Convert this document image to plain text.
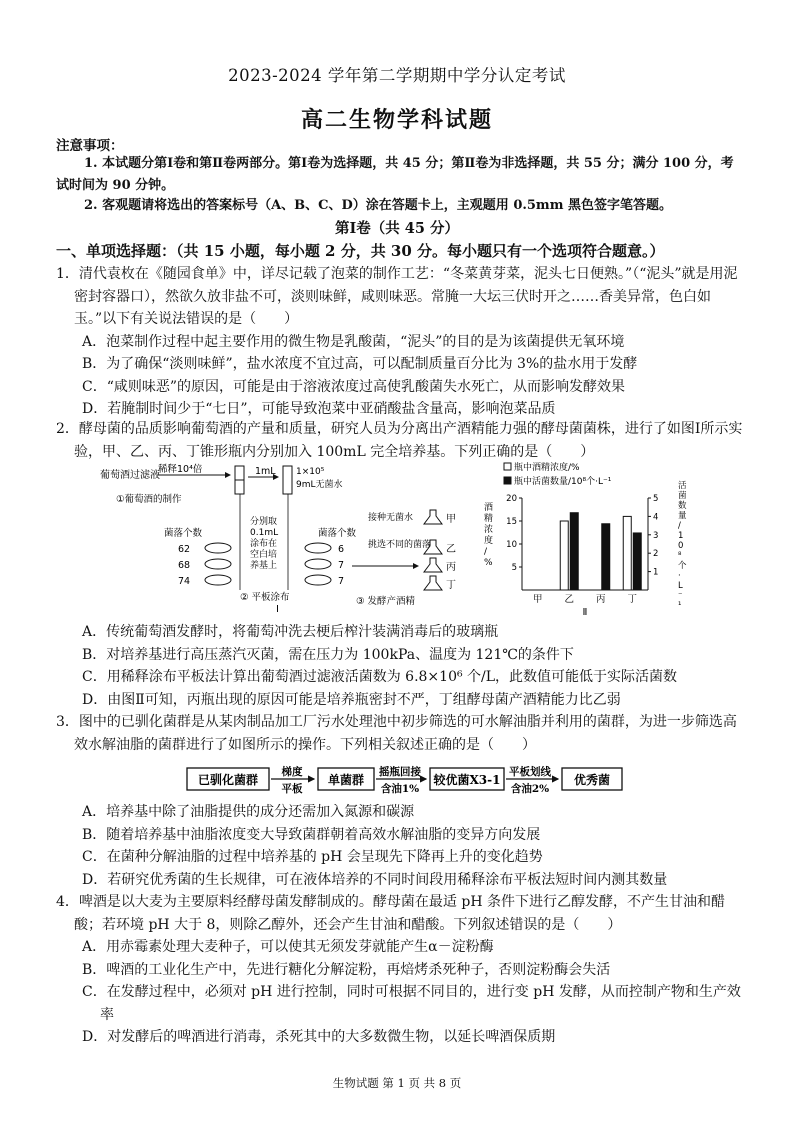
2023-2024 学年第二学期期中学分认定考试
高二生物学科试题
注意事项：
1. 本试题分第Ⅰ卷和第Ⅱ卷两部分。第Ⅰ卷为选择题，共 45 分；第Ⅱ卷为非选择题，共 55 分；满分 100 分，考试时间为 90 分钟。
2. 客观题请将选出的答案标号（A、B、C、D）涂在答题卡上，主观题用 0.5mm 黑色签字笔答题。
第Ⅰ卷（共 45 分）
一、单项选择题：（共 15 小题，每小题 2 分，共 30 分。每小题只有一个选项符合题意。）
1．清代袁枚在《随园食单》中，详尽记载了泡菜的制作工艺：“冬菜黄芽菜，泥头七日便熟。”（“泥头”就是用泥密封容器口），然欲久放非盐不可，淡则味鲜，咸则味恶。常腌一大坛三伏时开之……香美异常，色白如玉。”以下有关说法错误的是（　　）
A．泡菜制作过程中起主要作用的微生物是乳酸菌，“泥头”的目的是为该菌提供无氧环境
B．为了确保“淡则味鲜”，盐水浓度不宜过高，可以配制质量百分比为 3%的盐水用于发酵
C．“咸则味恶”的原因，可能是由于溶液浓度过高使乳酸菌失水死亡，从而影响发酵效果
D．若腌制时间少于“七日”，可能导致泡菜中亚硝酸盐含量高，影响泡菜品质
2．酵母菌的品质影响葡萄酒的产量和质量，研究人员为分离出产酒精能力强的酵母菌菌株，进行了如图Ⅰ所示实验，甲、乙、丙、丁锥形瓶内分别加入 100mL 完全培养基。下列正确的是（　　）
葡萄酒过滤液
稀释10⁴倍	1mL 1×10⁵
9mL无菌水
①葡萄酒的制作
菌落个数
62
68
74
分别取
0.1mL
涂布在
空白培
养基上
菌落个数
6
7
7
接种无菌水
挑选不同的菌落
甲
乙
丙
丁
② 平板涂布
Ⅰ
③ 发酵产酒精
瓶中酒精浓度/%
瓶中活菌数量/10⁸个·L⁻¹
5
10
15
20
1
2
3
4
5
酒
精
浓
度
/
%
活
菌
数
量
/
1
0
⁸
个
·
L
⁻
¹
甲 乙 丙 丁
Ⅱ
A．传统葡萄酒发酵时，将葡萄冲洗去梗后榨汁装满消毒后的玻璃瓶
B．对培养基进行高压蒸汽灭菌，需在压力为 100kPa、温度为 121℃的条件下
C．用稀释涂布平板法计算出葡萄酒过滤液活菌数为 6.8×10⁶ 个/L，此数值可能低于实际活菌数
D．由图Ⅱ可知，丙瓶出现的原因可能是培养瓶密封不严，丁组酵母菌产酒精能力比乙弱
3．图中的已驯化菌群是从某肉制品加工厂污水处理池中初步筛选的可水解油脂并利用的菌群，为进一步筛选高效水解油脂的菌群进行了如图所示的操作。下列相关叙述正确的是（　　）
已驯化菌群
梯度
平板
单菌群
摇瓶回接
含油1%
较优菌X3-1
平板划线
含油2%
优秀菌
A．培养基中除了油脂提供的成分还需加入氮源和碳源
B．随着培养基中油脂浓度变大导致菌群朝着高效水解油脂的变异方向发展
C．在菌种分解油脂的过程中培养基的 pH 会呈现先下降再上升的变化趋势
D．若研究优秀菌的生长规律，可在液体培养的不同时间段用稀释涂布平板法短时间内测其数量
4．啤酒是以大麦为主要原料经酵母菌发酵制成的。酵母菌在最适 pH 条件下进行乙醇发酵，不产生甘油和醋酸；若环境 pH 大于 8，则除乙醇外，还会产生甘油和醋酸。下列叙述错误的是（　　）
A．用赤霉素处理大麦种子，可以使其无须发芽就能产生α－淀粉酶
B．啤酒的工业化生产中，先进行糖化分解淀粉，再焙烤杀死种子，否则淀粉酶会失活
C．在发酵过程中，必须对 pH 进行控制，同时可根据不同目的，进行变 pH 发酵，从而控制产物和生产效率
D．对发酵后的啤酒进行消毒，杀死其中的大多数微生物，以延长啤酒保质期
生物试题 第 1 页 共 8 页
